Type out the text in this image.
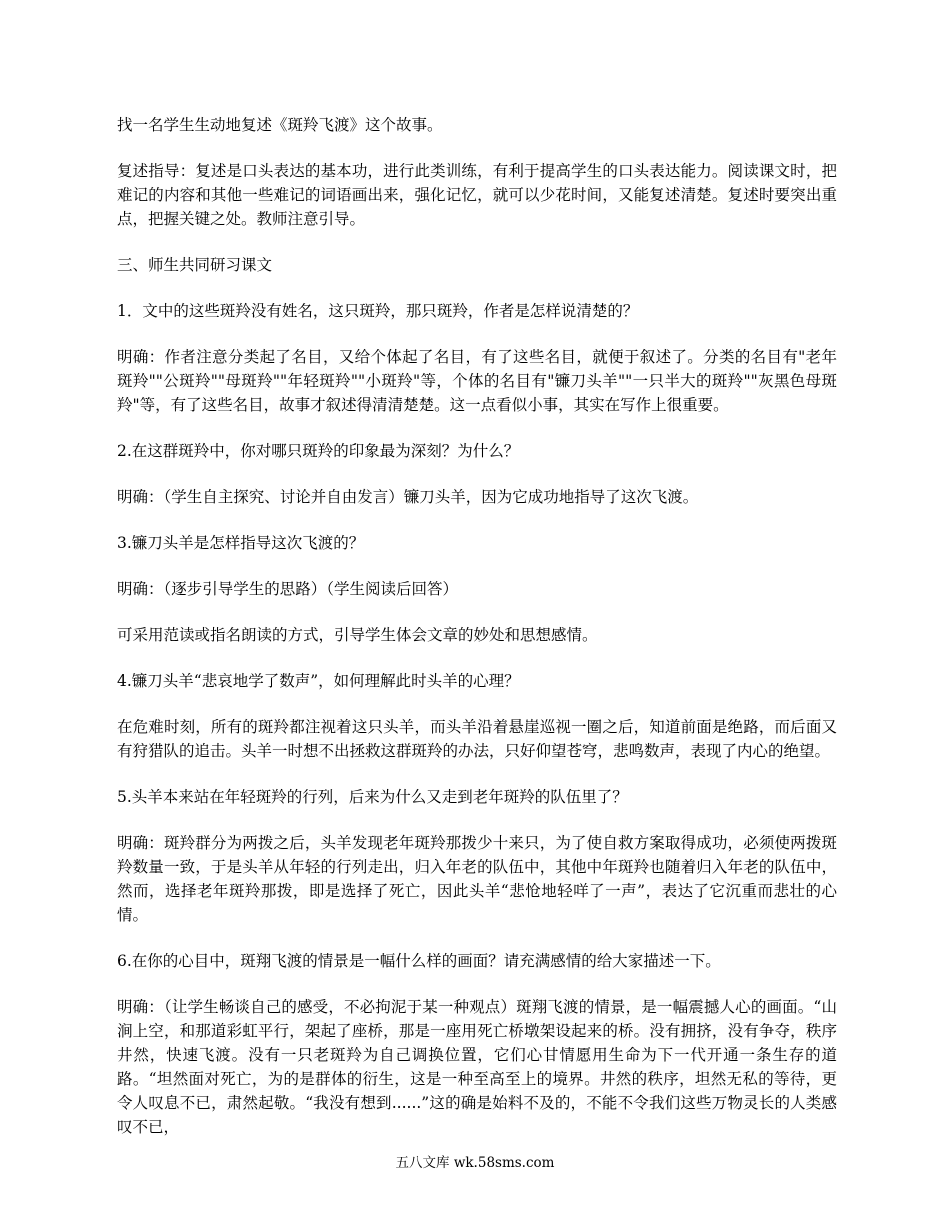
找一名学生生动地复述《斑羚飞渡》这个故事。

复述指导：复述是口头表达的基本功，进行此类训练，有利于提高学生的口头表达能力。阅读课文时，把难记的内容和其他一些难记的词语画出来，强化记忆，就可以少花时间，又能复述清楚。复述时要突出重点，把握关键之处。教师注意引导。

三、师生共同研习课文

1．文中的这些斑羚没有姓名，这只斑羚，那只斑羚，作者是怎样说清楚的？

明确：作者注意分类起了名目，又给个体起了名目，有了这些名目，就便于叙述了。分类的名目有"老年斑羚""公斑羚""母斑羚""年轻斑羚""小斑羚"等，个体的名目有"镰刀头羊""一只半大的斑羚""灰黑色母斑羚"等，有了这些名目，故事才叙述得清清楚楚。这一点看似小事，其实在写作上很重要。

2.在这群斑羚中，你对哪只斑羚的印象最为深刻？为什么？

明确：（学生自主探究、讨论并自由发言）镰刀头羊，因为它成功地指导了这次飞渡。

3.镰刀头羊是怎样指导这次飞渡的？

明确：（逐步引导学生的思路）（学生阅读后回答）

可采用范读或指名朗读的方式，引导学生体会文章的妙处和思想感情。

4.镰刀头羊“悲哀地学了数声”，如何理解此时头羊的心理？

在危难时刻，所有的斑羚都注视着这只头羊，而头羊沿着悬崖巡视一圈之后，知道前面是绝路，而后面又有狩猎队的追击。头羊一时想不出拯救这群斑羚的办法，只好仰望苍穹，悲鸣数声，表现了内心的绝望。

5.头羊本来站在年轻斑羚的行列，后来为什么又走到老年斑羚的队伍里了？

明确：斑羚群分为两拨之后，头羊发现老年斑羚那拨少十来只，为了使自救方案取得成功，必须使两拨斑羚数量一致，于是头羊从年轻的行列走出，归入年老的队伍中，其他中年斑羚也随着归入年老的队伍中，然而，选择老年斑羚那拨，即是选择了死亡，因此头羊“悲怆地轻咩了一声”，表达了它沉重而悲壮的心情。

6.在你的心目中，斑翔飞渡的情景是一幅什么样的画面？请充满感情的给大家描述一下。

明确：（让学生畅谈自己的感受，不必拘泥于某一种观点）斑翔飞渡的情景，是一幅震撼人心的画面。“山涧上空，和那道彩虹平行，架起了座桥，那是一座用死亡桥墩架设起来的桥。没有拥挤，没有争夺，秩序井然，快速飞渡。没有一只老斑羚为自己调换位置，它们心甘情愿用生命为下一代开通一条生存的道路。“坦然面对死亡，为的是群体的衍生，这是一种至高至上的境界。井然的秩序，坦然无私的等待，更令人叹息不已，肃然起敬。“我没有想到......”这的确是始料不及的，不能不令我们这些万物灵长的人类感叹不已，

五八文库 wk.58sms.com
